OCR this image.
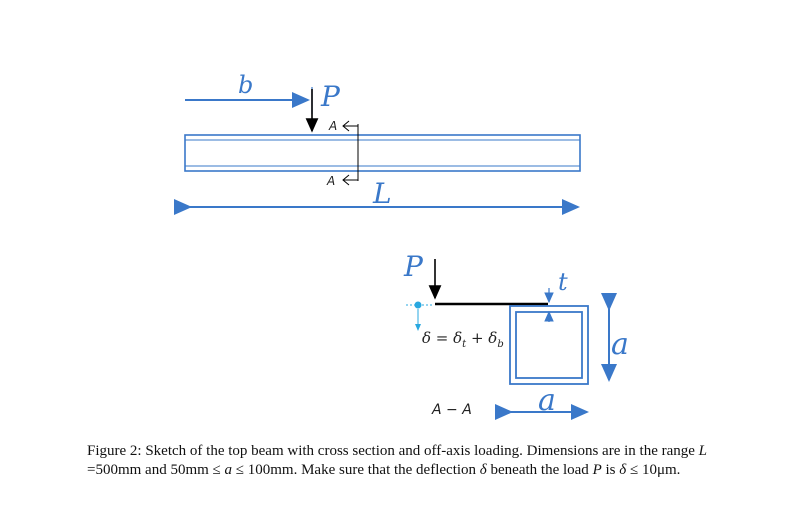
b P
A
A L
P	t
a
a
$\delta = \delta_t + \delta_b$
A − A
Figure 2: Sketch of the top beam with cross section and off-axis loading. Dimensions are in the range L =500mm and 50mm ≤ a ≤ 100mm. Make sure that the deflection δ beneath the load P is δ ≤ 10μm.
